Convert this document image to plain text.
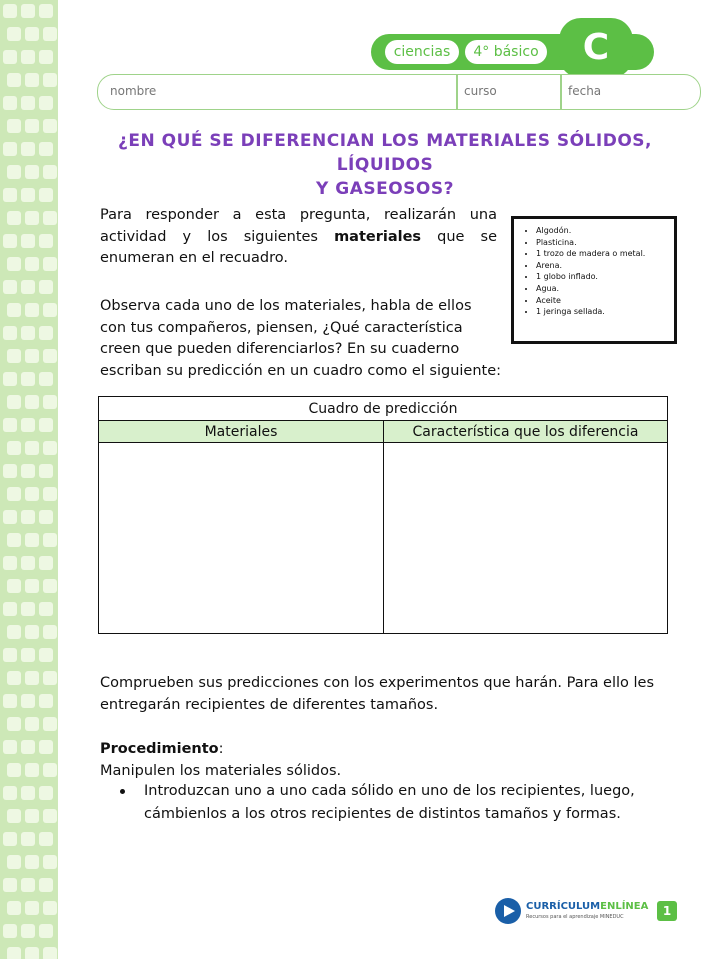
ciencias	4° básico	C
nombre	curso	fecha
¿EN QUÉ SE DIFERENCIAN LOS MATERIALES SÓLIDOS, LÍQUIDOS
Y GASEOSOS?
Para responder a esta pregunta, realizarán una actividad y los siguientes materiales que se enumeran en el recuadro.
• Algodón.
• Plasticina.
• 1 trozo de madera o metal.
• Arena.
• 1 globo inflado.
• Agua.
• Aceite
• 1 jeringa sellada.
Observa cada uno de los materiales, habla de ellos
con tus compañeros, piensen, ¿Qué característica
creen que pueden diferenciarlos? En su cuaderno
escriban su predicción en un cuadro como el siguiente:
Cuadro de predicción	
Materiales	Característica que los diferencia

Comprueben sus predicciones con los experimentos que harán. Para ello les
entregarán recipientes de diferentes tamaños.
Procedimiento:
Manipulen los materiales sólidos.
Introduzcan uno a uno cada sólido en uno de los recipientes, luego,
cámbienlos a los otros recipientes de distintos tamaños y formas.
CURRÍCULUMENLÍNEA
Recursos para el aprendizaje MINEDUC	1
